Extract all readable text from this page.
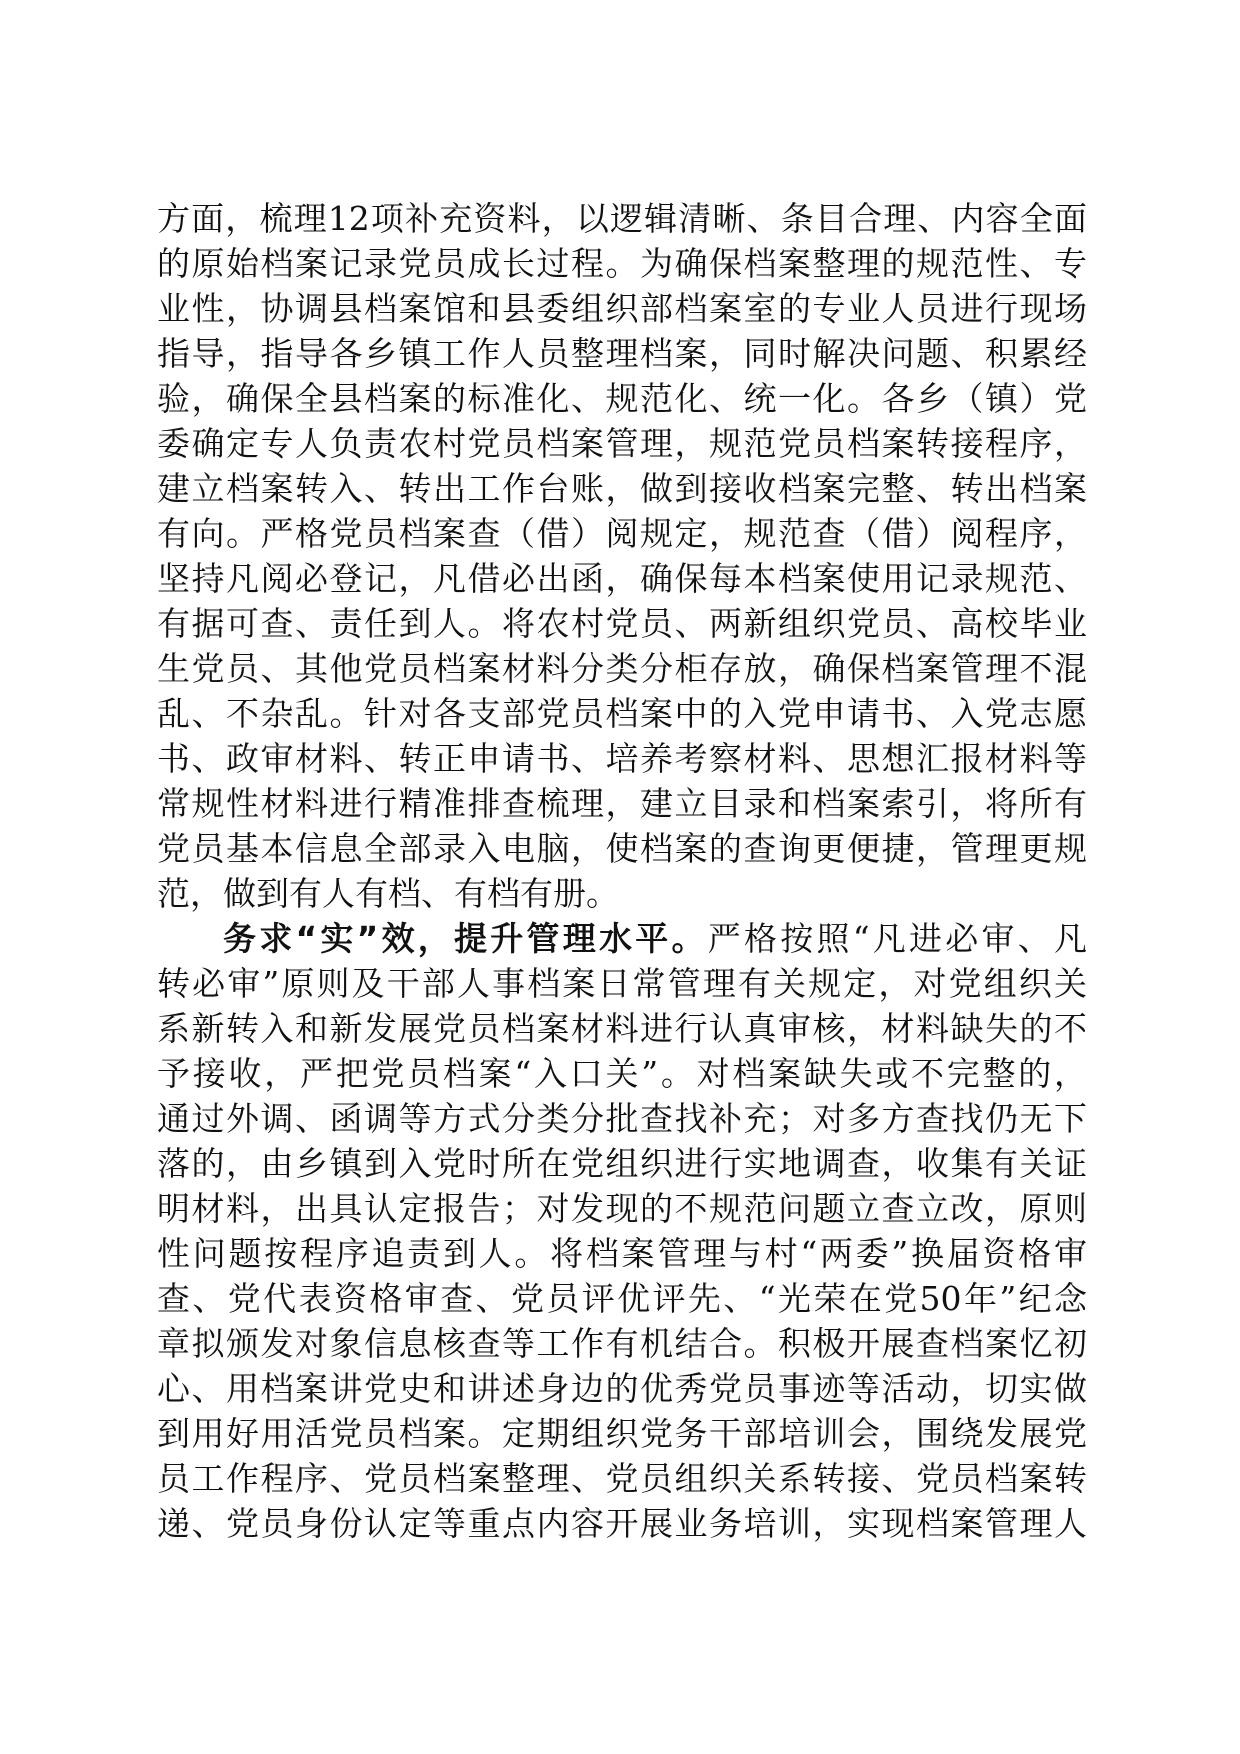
方面，梳理12项补充资料，以逻辑清晰、条目合理、内容全面
的原始档案记录党员成长过程。为确保档案整理的规范性、专
业性，协调县档案馆和县委组织部档案室的专业人员进行现场
指导，指导各乡镇工作人员整理档案，同时解决问题、积累经
验，确保全县档案的标准化、规范化、统一化。各乡（镇）党
委确定专人负责农村党员档案管理，规范党员档案转接程序，
建立档案转入、转出工作台账，做到接收档案完整、转出档案
有向。严格党员档案查（借）阅规定，规范查（借）阅程序，
坚持凡阅必登记，凡借必出函，确保每本档案使用记录规范、
有据可查、责任到人。将农村党员、两新组织党员、高校毕业
生党员、其他党员档案材料分类分柜存放，确保档案管理不混
乱、不杂乱。针对各支部党员档案中的入党申请书、入党志愿
书、政审材料、转正申请书、培养考察材料、思想汇报材料等
常规性材料进行精准排查梳理，建立目录和档案索引，将所有
党员基本信息全部录入电脑，使档案的查询更便捷，管理更规
范，做到有人有档、有档有册。
务求“实”效，提升管理水平。严格按照“凡进必审、凡
转必审”原则及干部人事档案日常管理有关规定，对党组织关
系新转入和新发展党员档案材料进行认真审核，材料缺失的不
予接收，严把党员档案“入口关”。对档案缺失或不完整的，
通过外调、函调等方式分类分批查找补充；对多方查找仍无下
落的，由乡镇到入党时所在党组织进行实地调查，收集有关证
明材料，出具认定报告；对发现的不规范问题立查立改，原则
性问题按程序追责到人。将档案管理与村“两委”换届资格审
查、党代表资格审查、党员评优评先、“光荣在党50年”纪念
章拟颁发对象信息核查等工作有机结合。积极开展查档案忆初
心、用档案讲党史和讲述身边的优秀党员事迹等活动，切实做
到用好用活党员档案。定期组织党务干部培训会，围绕发展党
员工作程序、党员档案整理、党员组织关系转接、党员档案转
递、党员身份认定等重点内容开展业务培训，实现档案管理人
